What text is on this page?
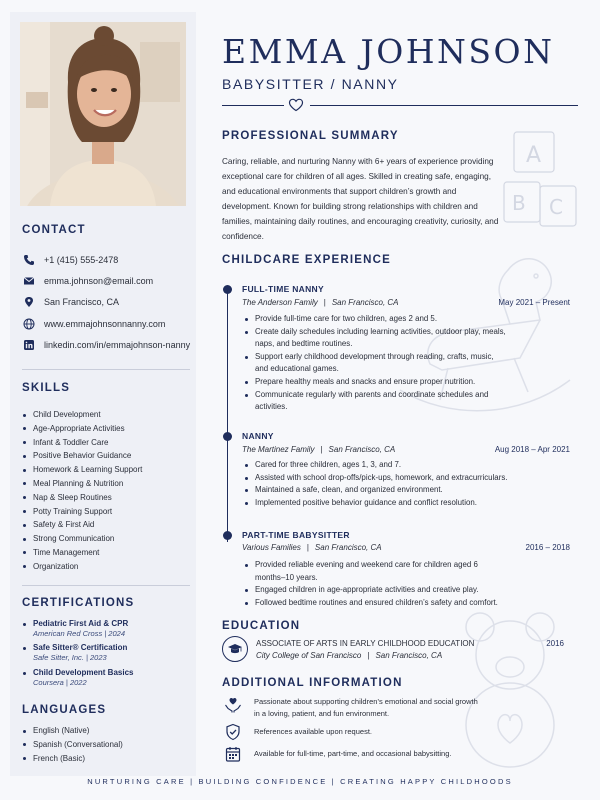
A
B C
CONTACT
+1 (415) 555-2478
emma.johnson@email.com
San Francisco, CA
www.emmajohnsonnanny.com
linkedin.com/in/emmajohnson-nanny
SKILLS
Child Development
Age-Appropriate Activities
Infant & Toddler Care
Positive Behavior Guidance
Homework & Learning Support
Meal Planning & Nutrition
Nap & Sleep Routines
Potty Training Support
Safety & First Aid
Strong Communication
Time Management
Organization
CERTIFICATIONS
Pediatric First Aid & CPR
American Red Cross | 2024
Safe Sitter® Certification
Safe Sitter, Inc. | 2023
Child Development Basics
Coursera | 2022
LANGUAGES
English (Native)
Spanish (Conversational)
French (Basic)
EMMA JOHNSON
BABYSITTER / NANNY
PROFESSIONAL SUMMARY
Caring, reliable, and nurturing Nanny with 6+ years of experience providing exceptional care for children of all ages. Skilled in creating safe, engaging, and educational environments that support children’s growth and development. Known for building strong relationships with children and families, maintaining daily routines, and encouraging creativity, curiosity, and confidence.
CHILDCARE EXPERIENCE
FULL-TIME NANNY
The Anderson Family | San Francisco, CA	May 2021 – Present
Provide full-time care for two children, ages 2 and 5.
Create daily schedules including learning activities, outdoor play, meals, naps, and bedtime routines.
Support early childhood development through reading, crafts, music, and educational games.
Prepare healthy meals and snacks and ensure proper nutrition.
Communicate regularly with parents and coordinate schedules and activities.
NANNY
The Martinez Family | San Francisco, CA	Aug 2018 – Apr 2021
Cared for three children, ages 1, 3, and 7.
Assisted with school drop-offs/pick-ups, homework, and extracurriculars.
Maintained a safe, clean, and organized environment.
Implemented positive behavior guidance and conflict resolution.
PART-TIME BABYSITTER
Various Families | San Francisco, CA	2016 – 2018
Provided reliable evening and weekend care for children aged 6 months–10 years.
Engaged children in age-appropriate activities and creative play.
Followed bedtime routines and ensured children’s safety and comfort.
EDUCATION
ASSOCIATE OF ARTS IN EARLY CHILDHOOD EDUCATION
City College of San Francisco | San Francisco, CA
2016
ADDITIONAL INFORMATION
Passionate about supporting children’s emotional and social growth in a loving, patient, and fun environment.
References available upon request.
Available for full-time, part-time, and occasional babysitting.
NURTURING CARE | BUILDING CONFIDENCE | CREATING HAPPY CHILDHOODS
